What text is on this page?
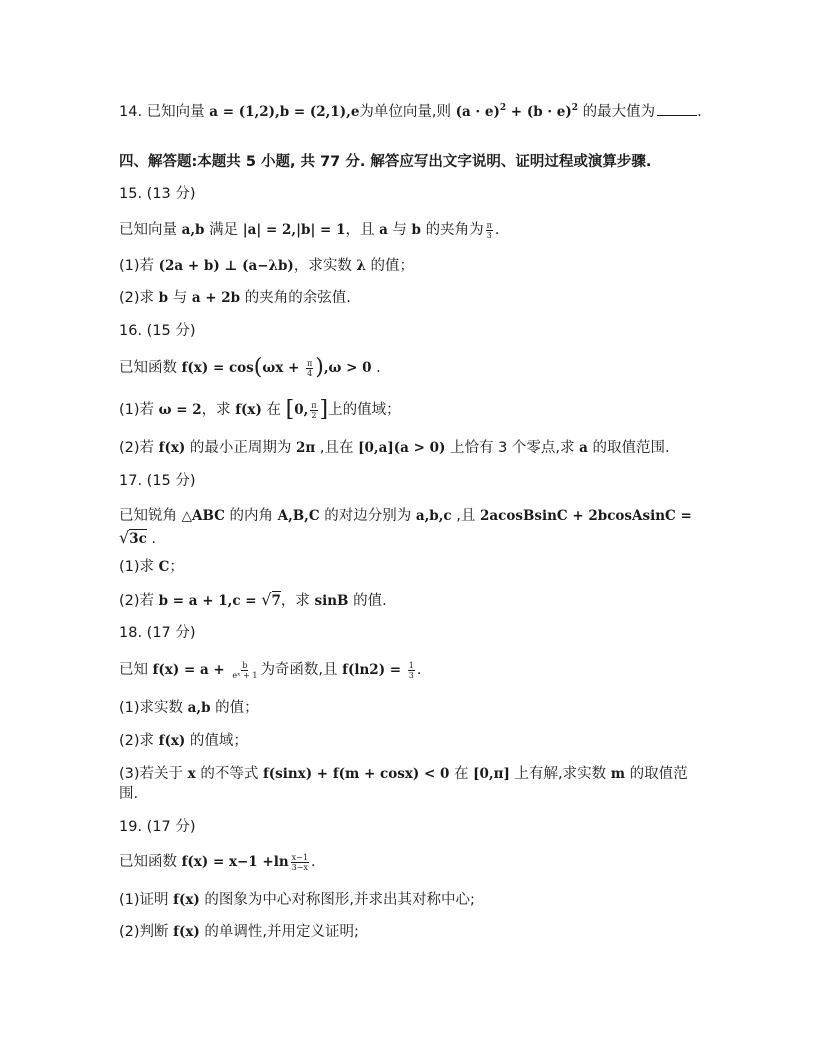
14. 已知向量 a = (1,2),b = (2,1),e为单位向量,则 $(a \cdot e)^2 + (b \cdot e)^2$ 的最大值为	.
四、解答题:本题共 5 小题, 共 77 分. 解答应写出文字说明、证明过程或演算步骤.
15. (13 分)
已知向量 a,b 满足 |a| = 2,|b| = 1，且 a 与 b 的夹角为 $\frac{\pi}{3}$ .
(1)若 (2a + b) ⊥ (a−λb)，求实数 λ 的值；
(2)求 b 与 a + 2b 的夹角的余弦值.
16. (15 分)
已知函数 $f(x) = \cos(\omega x + \frac{\pi}{4} ),\omega > 0$ .
(1)若 ω = 2，求 f(x) 在 [0, $\frac{\pi}{2}$ ]上的值域；
(2)若 f(x) 的最小正周期为 2π ,且在 [0,a](a > 0) 上恰有 3 个零点,求 a 的取值范围.
17. (15 分)
已知锐角 △ABC 的内角 A,B,C 的对边分别为 a,b,c ,且 2acosBsinC + 2bcosAsinC =
√3c .
(1)求 C；
(2)若 b = a + 1,c = √7，求 sinB 的值.
18. (17 分)
已知 $f(x) = a + \frac{b}{\text{eˣ + 1}}$ 为奇函数,且 $f(\ln 2) = \frac{1}{3}$ .
(1)求实数 a,b 的值；
(2)求 f(x) 的值域；
(3)若关于 x 的不等式 f(sinx) + f(m + cosx) < 0 在 [0,π] 上有解,求实数 m 的取值范
围.
19. (17 分)
已知函数 $f(x) = x-1 +\ln \frac{x-1}{3-x}$ .
(1)证明 f(x) 的图象为中心对称图形,并求出其对称中心;
(2)判断 f(x) 的单调性,并用定义证明;
